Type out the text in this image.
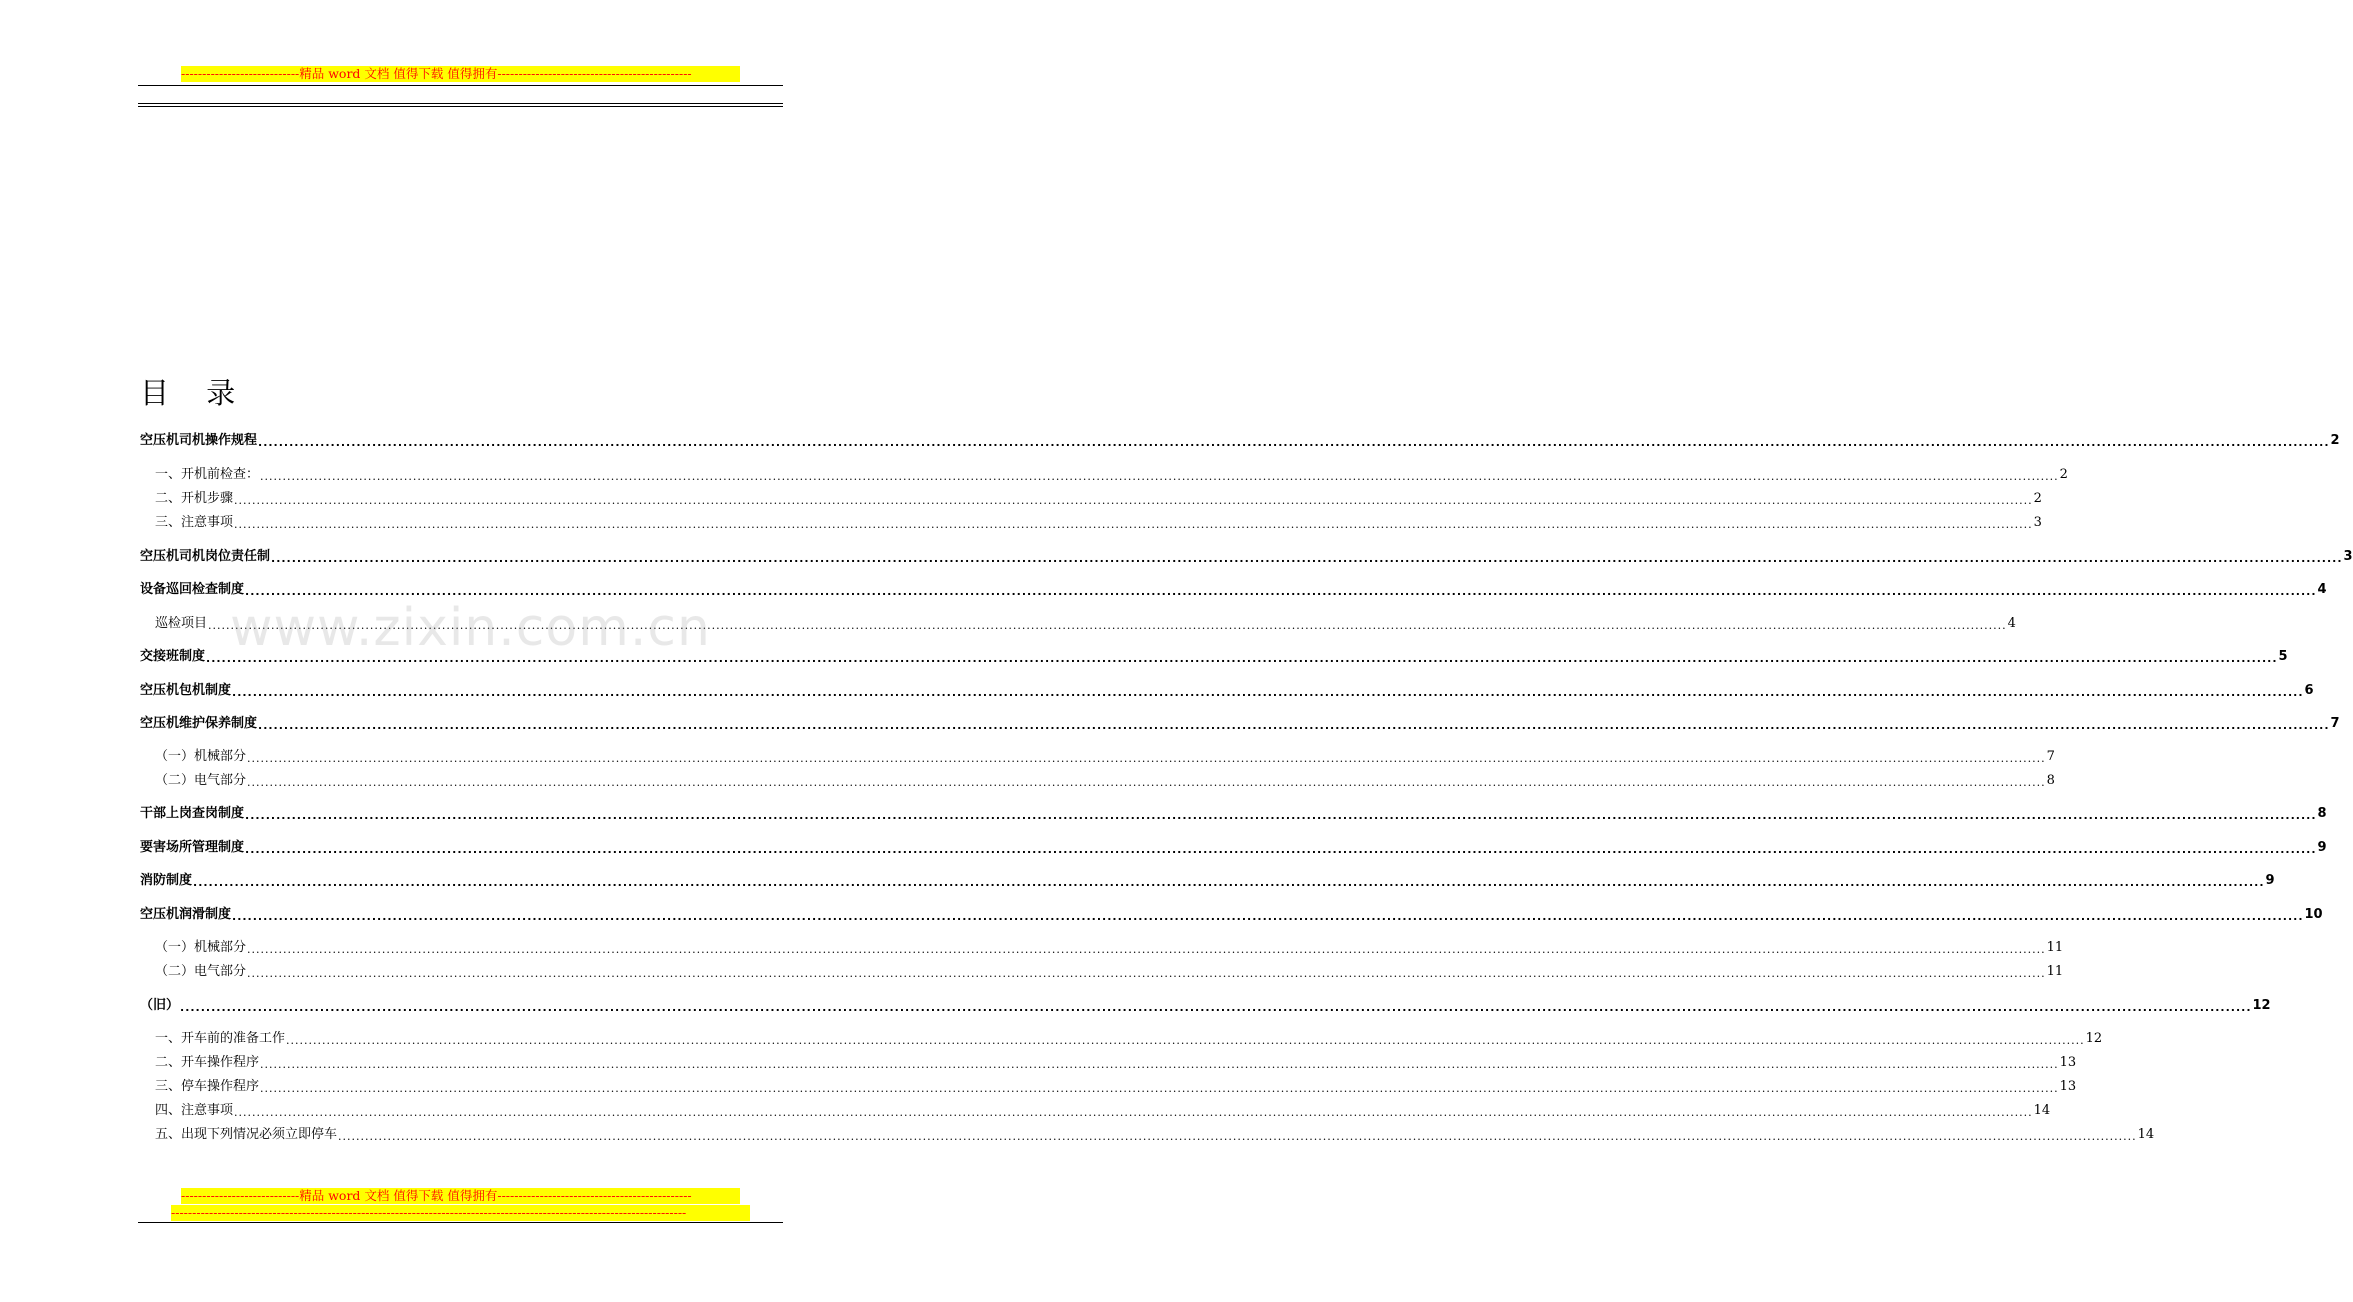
----------------------------精品 word 文档 值得下载 值得拥有----------------------------------------------
目 录
空压机司机操作规程 ................................................................................................................................................................................................................................................................................................................................................................................................................ 2
一、开机前检查： ................................................................................................................................................................................................................................................................................................................................................................................................................ 2
二、开机步骤 ................................................................................................................................................................................................................................................................................................................................................................................................................ 2
三、注意事项 ................................................................................................................................................................................................................................................................................................................................................................................................................ 3
空压机司机岗位责任制 ................................................................................................................................................................................................................................................................................................................................................................................................................ 3
设备巡回检查制度 ................................................................................................................................................................................................................................................................................................................................................................................................................ 4
巡检项目 ................................................................................................................................................................................................................................................................................................................................................................................................................ 4
交接班制度 ................................................................................................................................................................................................................................................................................................................................................................................................................ 5
空压机包机制度 ................................................................................................................................................................................................................................................................................................................................................................................................................ 6
空压机维护保养制度 ................................................................................................................................................................................................................................................................................................................................................................................................................ 7
（一）机械部分 ................................................................................................................................................................................................................................................................................................................................................................................................................ 7
（二）电气部分 ................................................................................................................................................................................................................................................................................................................................................................................................................ 8
干部上岗查岗制度 ................................................................................................................................................................................................................................................................................................................................................................................................................ 8
要害场所管理制度 ................................................................................................................................................................................................................................................................................................................................................................................................................ 9
消防制度 ................................................................................................................................................................................................................................................................................................................................................................................................................ 9
空压机润滑制度 ................................................................................................................................................................................................................................................................................................................................................................................................................ 10
（一）机械部分 ................................................................................................................................................................................................................................................................................................................................................................................................................ 11
（二）电气部分 ................................................................................................................................................................................................................................................................................................................................................................................................................ 11
（旧） ................................................................................................................................................................................................................................................................................................................................................................................................................ 12
一、开车前的准备工作 ................................................................................................................................................................................................................................................................................................................................................................................................................ 12
二、开车操作程序 ................................................................................................................................................................................................................................................................................................................................................................................................................ 13
三、停车操作程序 ................................................................................................................................................................................................................................................................................................................................................................................................................ 13
四、注意事项 ................................................................................................................................................................................................................................................................................................................................................................................................................ 14
五、出现下列情况必须立即停车 ................................................................................................................................................................................................................................................................................................................................................................................................................ 14
www.zixin.com.cn
----------------------------精品 word 文档 值得下载 值得拥有----------------------------------------------
--------------------------------------------------------------------------------------------------------------------------
